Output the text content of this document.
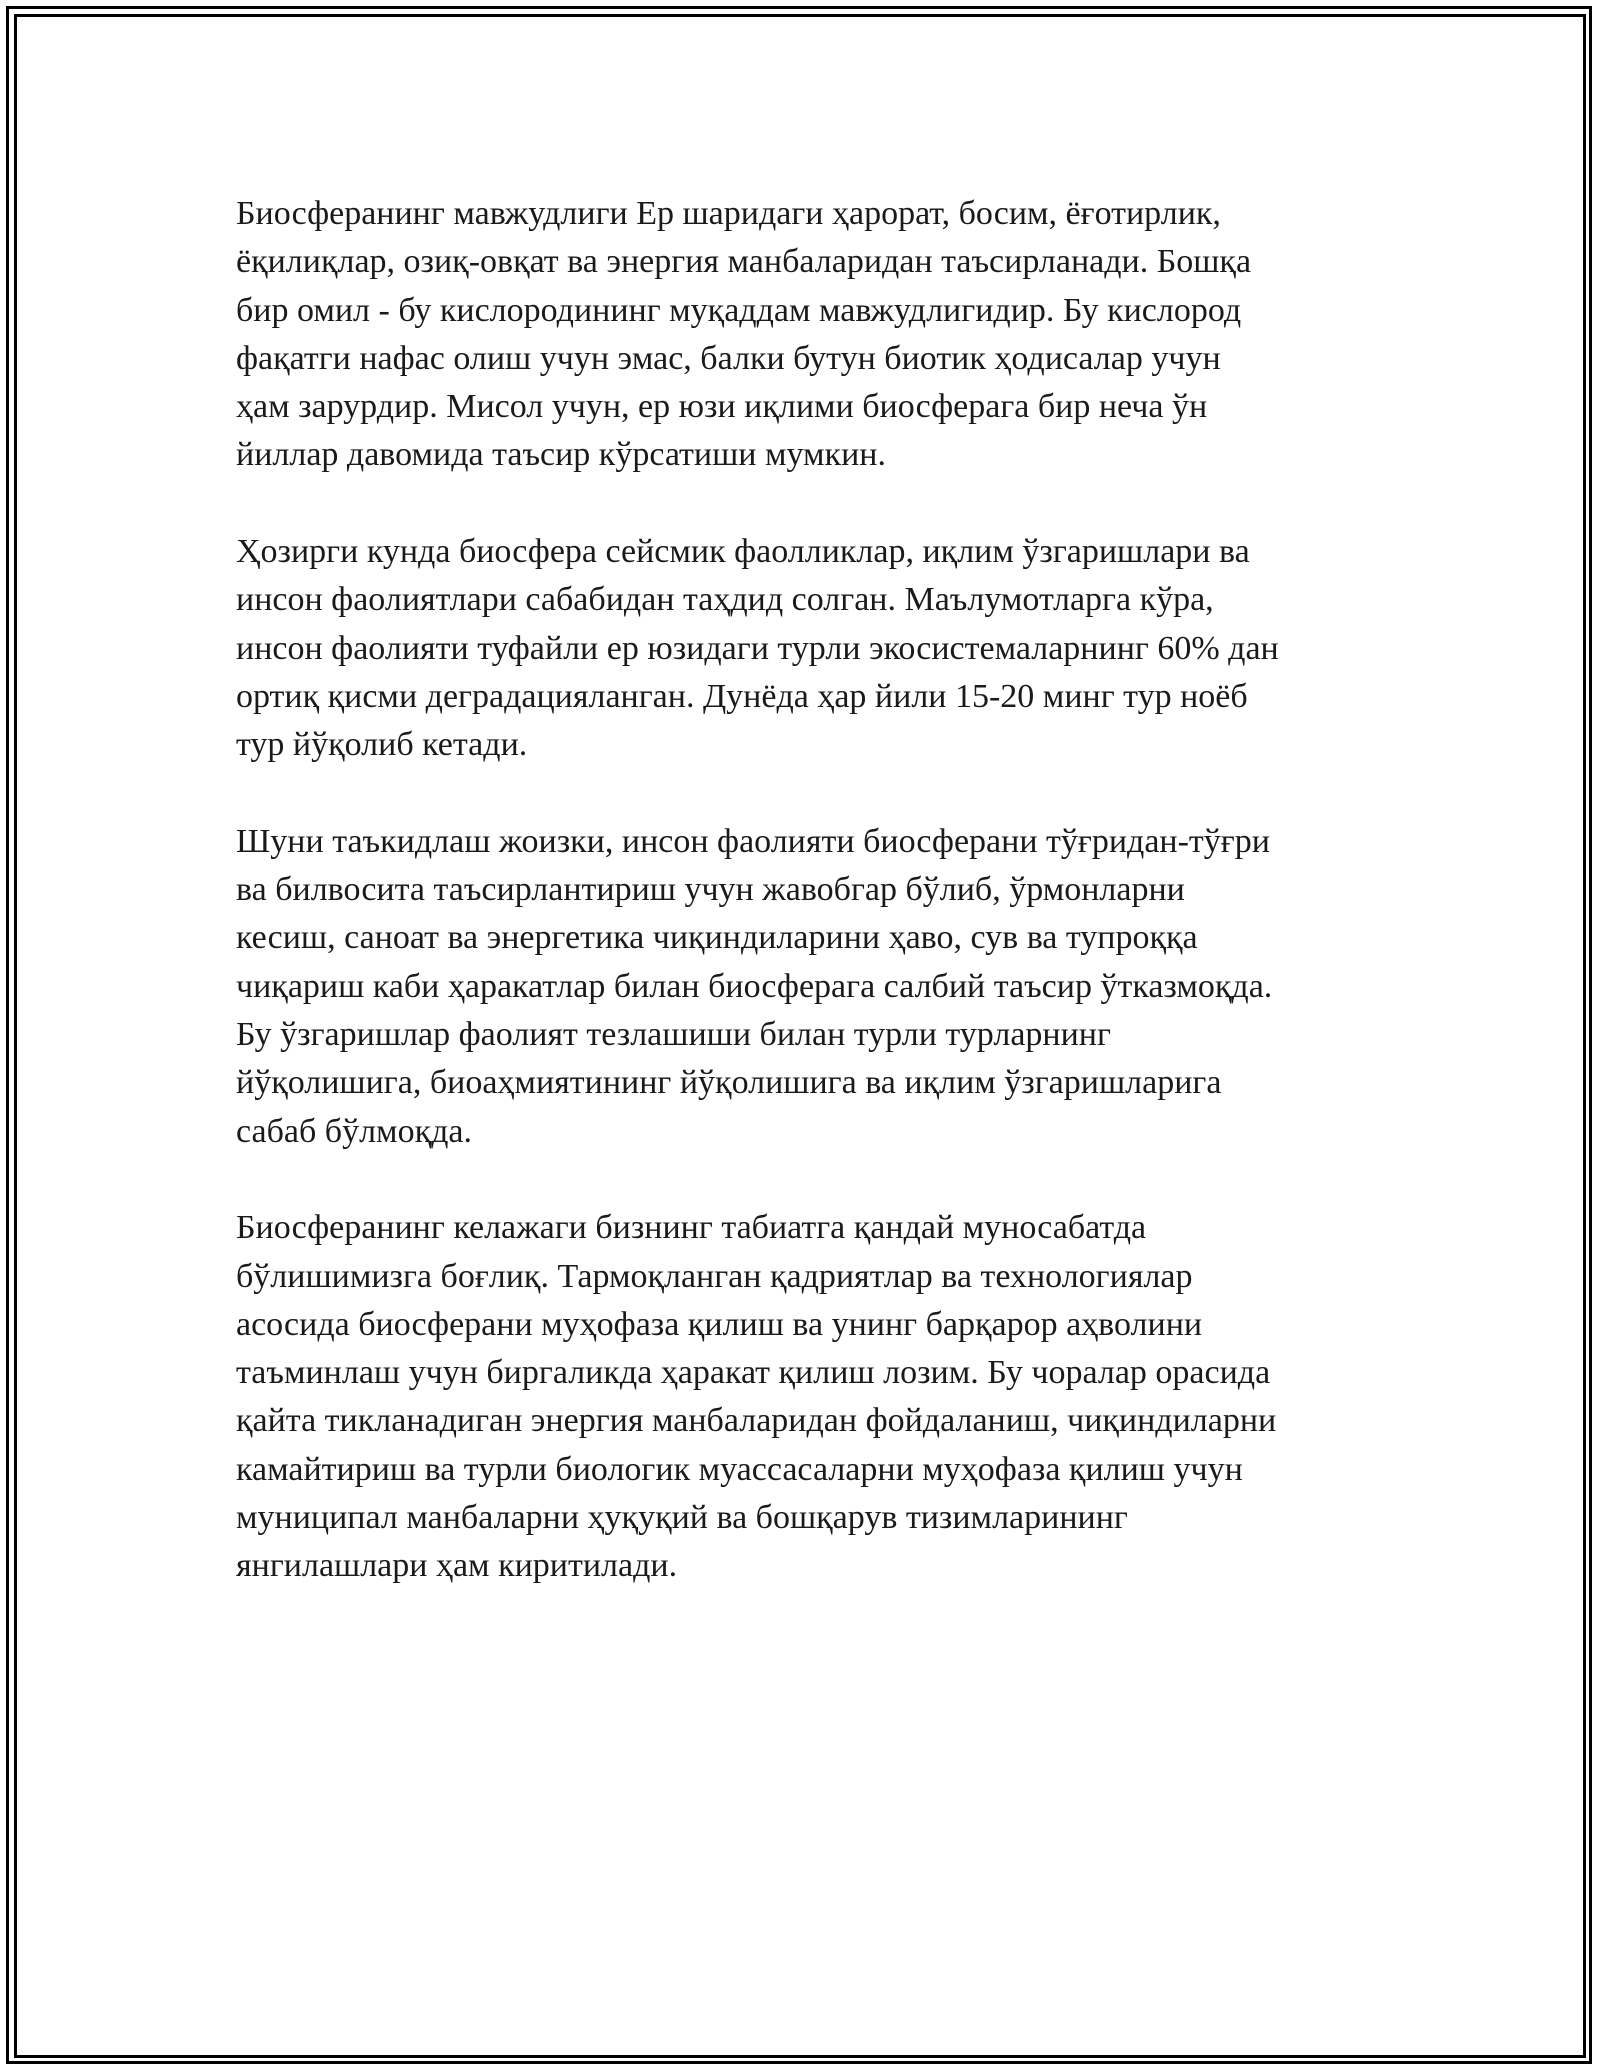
Биосферанинг мавжудлиги Ер шаридаги ҳарорат, босим, ёғотирлик,
ёқилиқлар, озиқ-овқат ва энергия манбаларидан таъсирланади. Бошқа
бир омил - бу кислородининг муқаддам мавжудлигидир. Бу кислород
фақатги нафас олиш учун эмас, балки бутун биотик ҳодисалар учун
ҳам зарурдир. Мисол учун, ер юзи иқлими биосферага бир неча ўн
йиллар давомида таъсир кўрсатиши мумкин.

Ҳозирги кунда биосфера сейсмик фаолликлар, иқлим ўзгаришлари ва
инсон фаолиятлари сабабидан таҳдид солган. Маълумотларга кўра,
инсон фаолияти туфайли ер юзидаги турли экосистемаларнинг 60% дан
ортиқ қисми деградацияланган. Дунёда ҳар йили 15-20 минг тур ноёб
тур йўқолиб кетади.

Шуни таъкидлаш жоизки, инсон фаолияти биосферани тўғридан-тўғри
ва билвосита таъсирлантириш учун жавобгар бўлиб, ўрмонларни
кесиш, саноат ва энергетика чиқиндиларини ҳаво, сув ва тупроққа
чиқариш каби ҳаракатлар билан биосферага салбий таъсир ўтказмоқда.
Бу ўзгаришлар фаолият тезлашиши билан турли турларнинг
йўқолишига, биоаҳмиятининг йўқолишига ва иқлим ўзгаришларига
сабаб бўлмоқда.

Биосферанинг келажаги бизнинг табиатга қандай муносабатда
бўлишимизга боғлиқ. Тармоқланган қадриятлар ва технологиялар
асосида биосферани муҳофаза қилиш ва унинг барқарор аҳволини
таъминлаш учун биргаликда ҳаракат қилиш лозим. Бу чоралар орасида
қайта тикланадиган энергия манбаларидан фойдаланиш, чиқиндиларни
камайтириш ва турли биологик муассасаларни муҳофаза қилиш учун
муниципал манбаларни ҳуқуқий ва бошқарув тизимларининг
янгилашлари ҳам киритилади.
